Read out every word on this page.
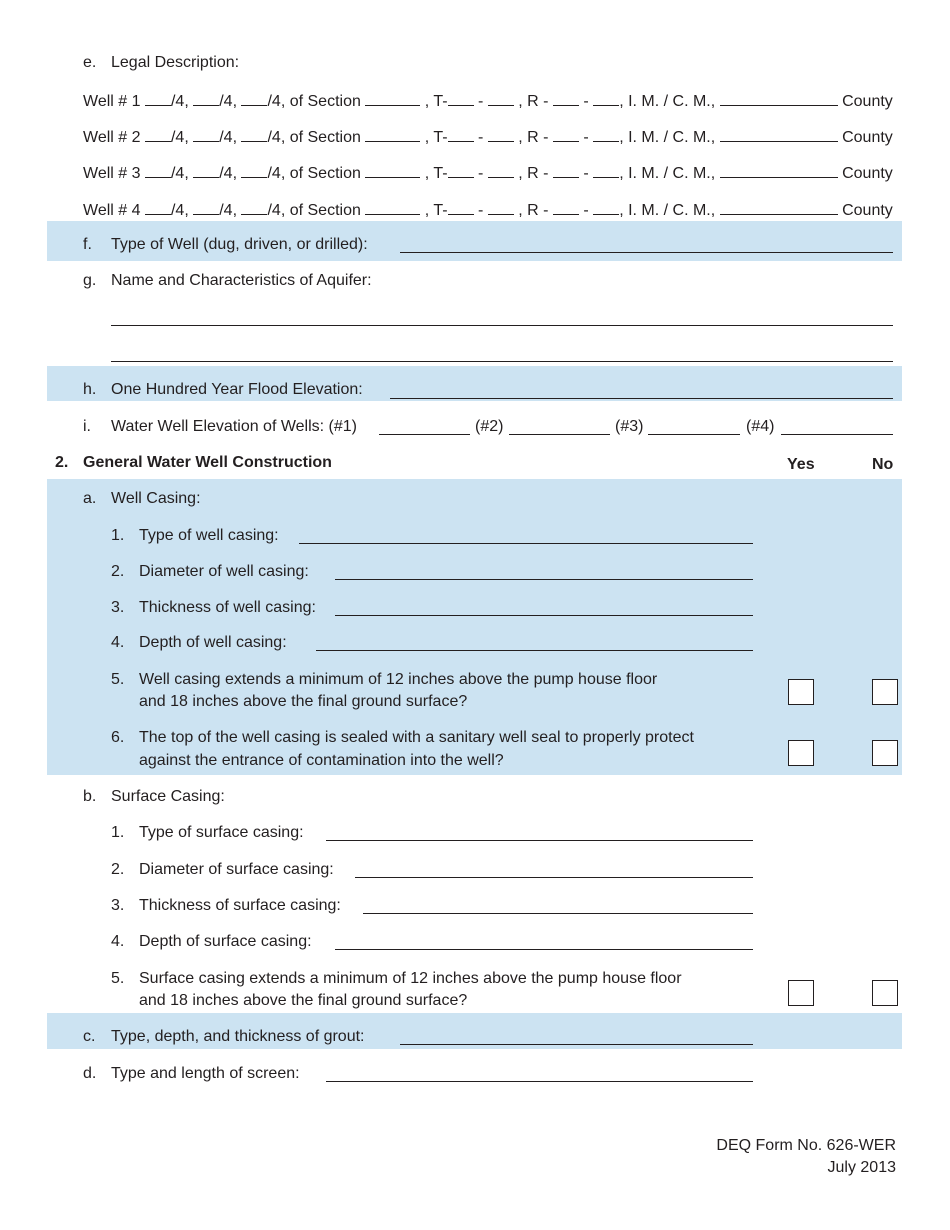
e. Legal Description:
Well # 1 /4, /4, /4, of Section	, T- - , R - - , I. M. / C. M.,	County
Well # 2 /4, /4, /4, of Section	, T- - , R - - , I. M. / C. M.,	County
Well # 3 /4, /4, /4, of Section	, T- - , R - - , I. M. / C. M.,	County
Well # 4 /4, /4, /4, of Section	, T- - , R - - , I. M. / C. M.,	County
f. Type of Well (dug, driven, or drilled):
g. Name and Characteristics of Aquifer:
h. One Hundred Year Flood Elevation:
i. Water Well Elevation of Wells: (#1)	(#2)	(#3)	(#4)
2. General Water Well Construction	Yes	No
a. Well Casing:
1. Type of well casing:
2. Diameter of well casing:
3. Thickness of well casing:
4. Depth of well casing:
5. Well casing extends a minimum of 12 inches above the pump house floor
and 18 inches above the final ground surface?
6. The top of the well casing is sealed with a sanitary well seal to properly protect
against the entrance of contamination into the well?
b. Surface Casing:
1. Type of surface casing:
2. Diameter of surface casing:
3. Thickness of surface casing:
4. Depth of surface casing:
5. Surface casing extends a minimum of 12 inches above the pump house floor
and 18 inches above the final ground surface?
c. Type, depth, and thickness of grout:
d. Type and length of screen:
DEQ Form No. 626-WER
July 2013
